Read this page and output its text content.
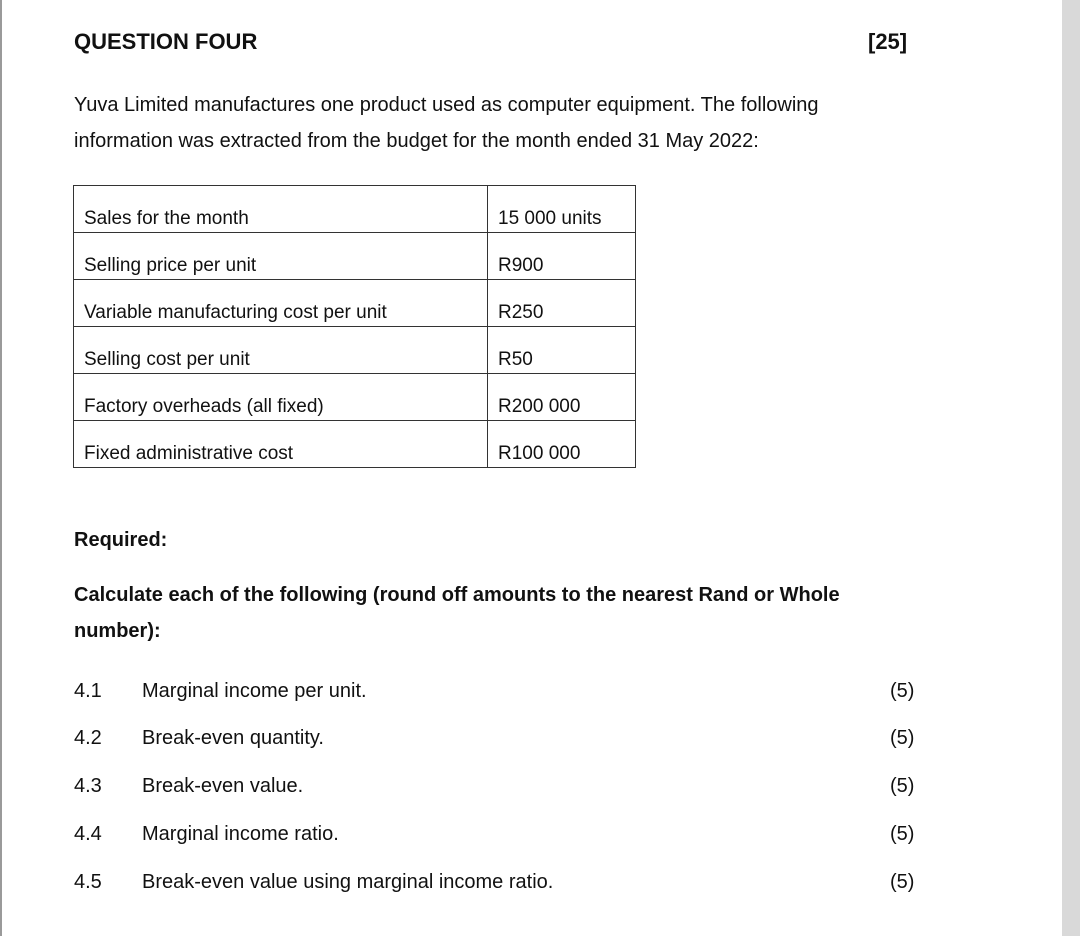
QUESTION FOUR	[25]

Yuva Limited manufactures one product used as computer equipment. The following information was extracted from the budget for the month ended 31 May 2022:

Sales for the month	15 000 units
Selling price per unit	R900
Variable manufacturing cost per unit	R250
Selling cost per unit	R50
Factory overheads (all fixed)	R200 000
Fixed administrative cost	R100 000
Required:

Calculate each of the following (round off amounts to the nearest Rand or Whole number):

4.1 Marginal income per unit.	(5)
4.2 Break-even quantity.	(5)
4.3 Break-even value.	(5)
4.4 Marginal income ratio.	(5)
4.5 Break-even value using marginal income ratio.	(5)
